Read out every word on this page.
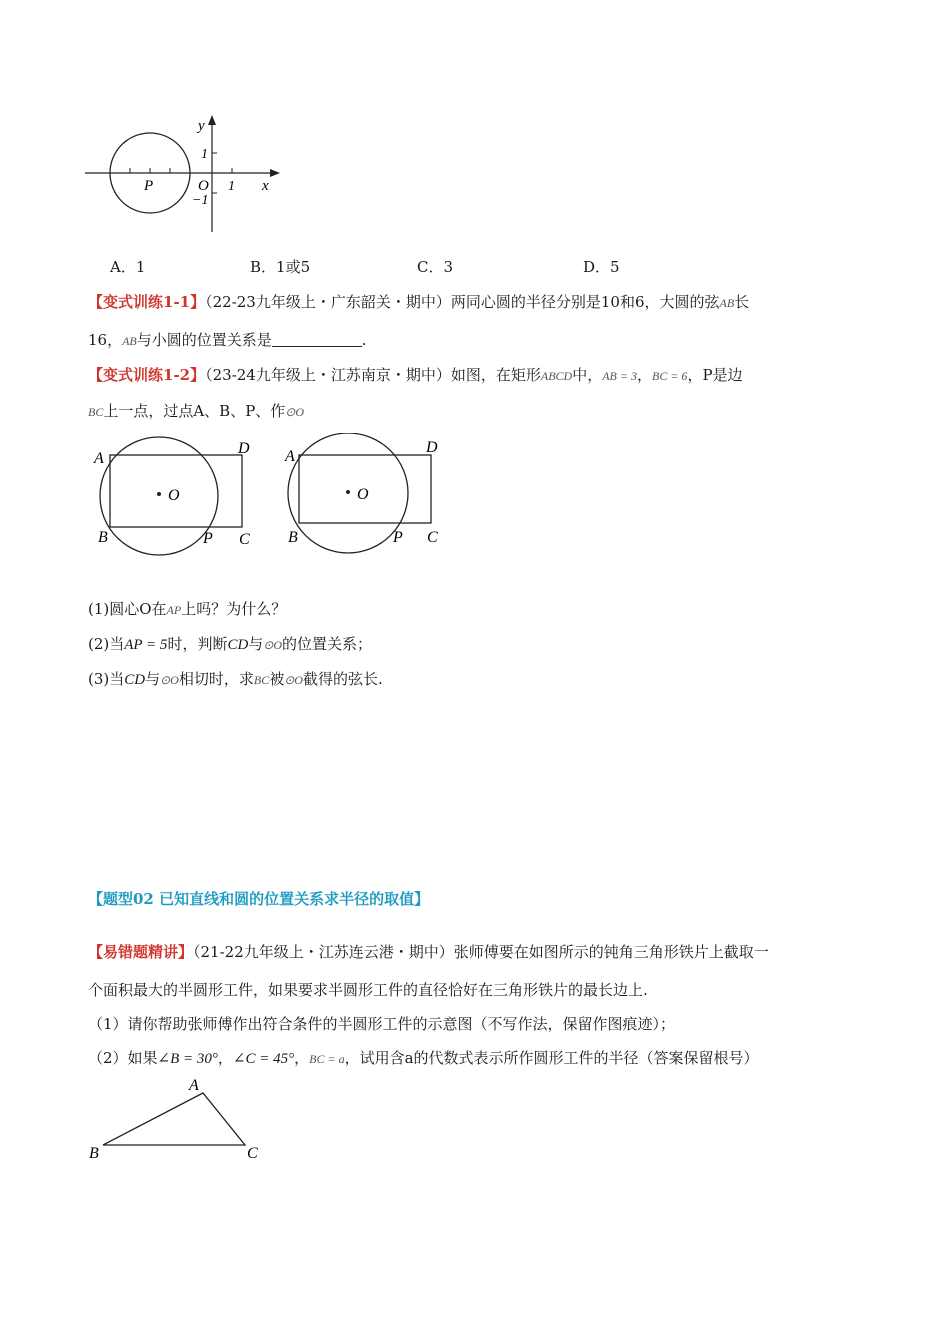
y
x
1
−1
1
O
P
A．1	B．1或5	C．3	D．5
【变式训练1-1】（22-23九年级上・广东韶关・期中）两同心圆的半径分别是10和6，大圆的弦AB长
16，AB与小圆的位置关系是	.
【变式训练1-2】（23-24九年级上・江苏南京・期中）如图，在矩形ABCD中，AB = 3，BC = 6，P是边
BC上一点，过点A、B、P、作⊙O
A
D
O
B	P C
A
D
O
B	P C
(1)圆心O在AP上吗？为什么？
(2)当AP = 5时，判断CD与⊙O的位置关系；
(3)当CD与⊙O相切时，求BC被⊙O截得的弦长.
【题型02 已知直线和圆的位置关系求半径的取值】
【易错题精讲】（21-22九年级上・江苏连云港・期中）张师傅要在如图所示的钝角三角形铁片上截取一
个面积最大的半圆形工件，如果要求半圆形工件的直径恰好在三角形铁片的最长边上.
（1）请你帮助张师傅作出符合条件的半圆形工件的示意图（不写作法，保留作图痕迹）；
（2）如果∠B = 30°，∠C = 45°，BC = a，试用含a的代数式表示所作圆形工件的半径（答案保留根号）
A
B	C
